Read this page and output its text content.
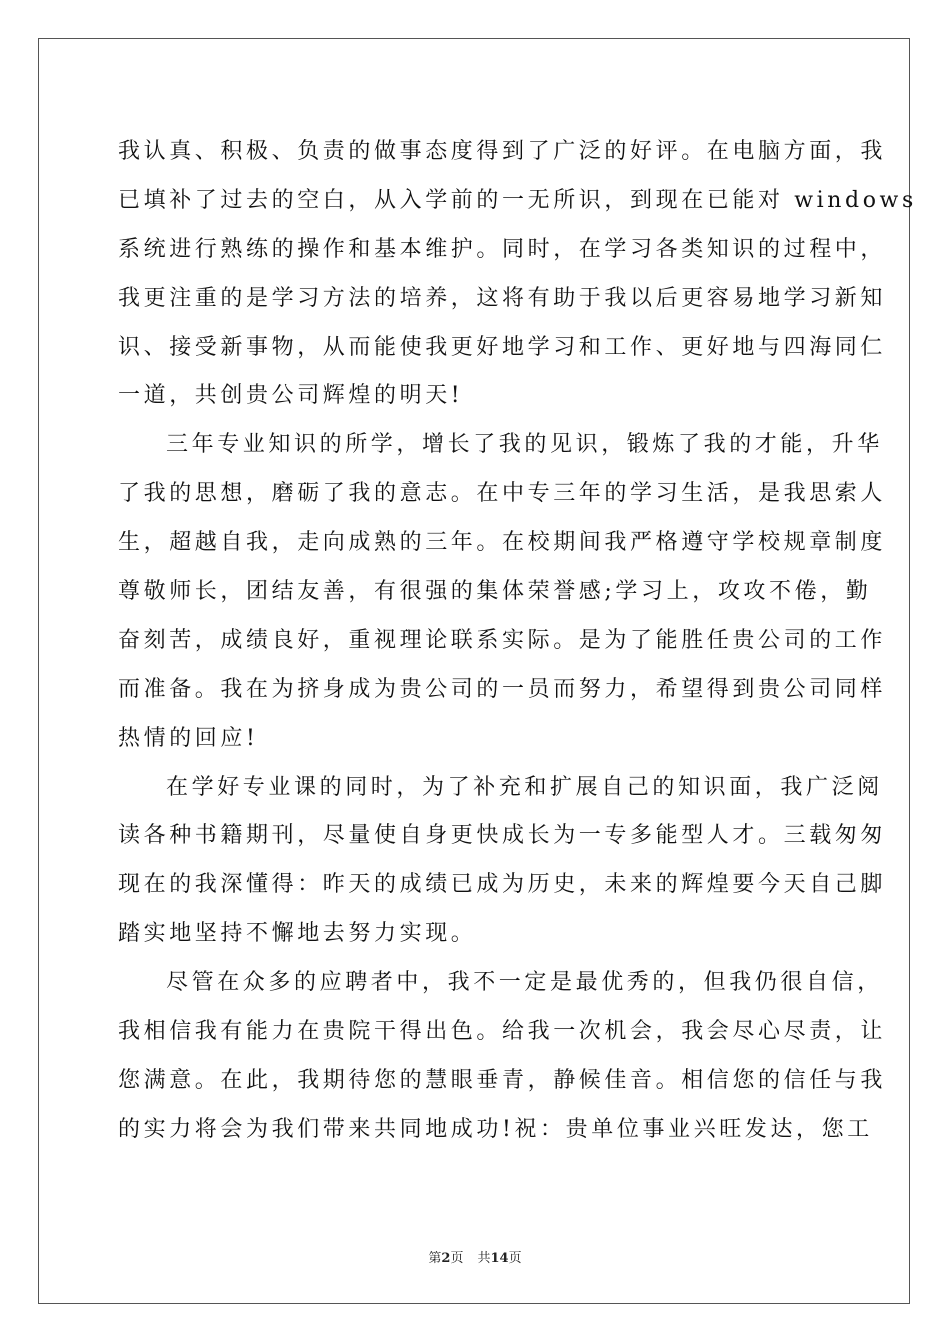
我认真、积极、负责的做事态度得到了广泛的好评。在电脑方面，我
已填补了过去的空白，从入学前的一无所识，到现在已能对 windows
系统进行熟练的操作和基本维护。同时，在学习各类知识的过程中，
我更注重的是学习方法的培养，这将有助于我以后更容易地学习新知
识、接受新事物，从而能使我更好地学习和工作、更好地与四海同仁
一道，共创贵公司辉煌的明天!
三年专业知识的所学，增长了我的见识，锻炼了我的才能，升华
了我的思想，磨砺了我的意志。在中专三年的学习生活，是我思索人
生，超越自我，走向成熟的三年。在校期间我严格遵守学校规章制度
尊敬师长，团结友善，有很强的集体荣誉感;学习上，攻攻不倦，勤
奋刻苦，成绩良好，重视理论联系实际。是为了能胜任贵公司的工作
而准备。我在为挤身成为贵公司的一员而努力，希望得到贵公司同样
热情的回应!
在学好专业课的同时，为了补充和扩展自己的知识面，我广泛阅
读各种书籍期刊，尽量使自身更快成长为一专多能型人才。三载匆匆
现在的我深懂得：昨天的成绩已成为历史，未来的辉煌要今天自己脚
踏实地坚持不懈地去努力实现。
尽管在众多的应聘者中，我不一定是最优秀的，但我仍很自信，
我相信我有能力在贵院干得出色。给我一次机会，我会尽心尽责，让
您满意。在此，我期待您的慧眼垂青，静候佳音。相信您的信任与我
的实力将会为我们带来共同地成功!祝：贵单位事业兴旺发达，您工
第2页 共14页
